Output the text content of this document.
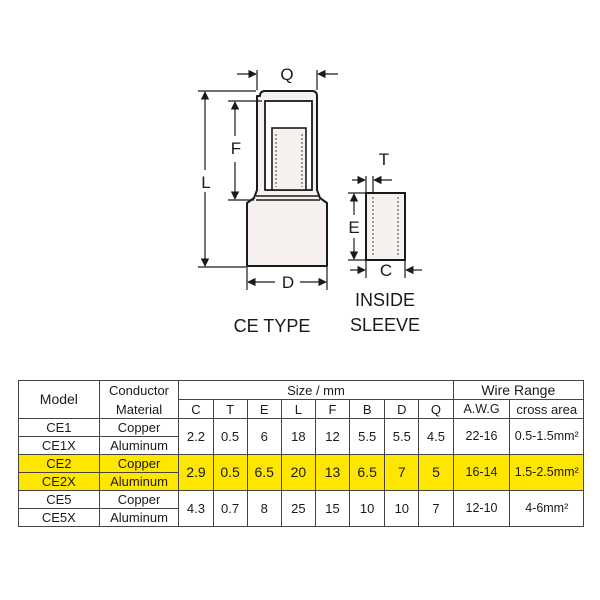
Q
F
L
D
CE TYPE
T
E
C
INSIDE
SLEEVE
Model	Conductor	Size / mm								Wire Range	
	Material	C	T	E	L	F	B	D	Q	A.W.G	cross area
CE1	Copper	2.2	0.5	6	18	12	5.5	5.5	4.5	22-16	0.5-1.5mm²
CE1X	Aluminum										
CE2	Copper	2.9	0.5	6.5	20	13	6.5	7	5	16-14	1.5-2.5mm²
CE2X	Aluminum										
CE5	Copper	4.3	0.7	8	25	15	10	10	7	12-10	4-6mm²
CE5X	Aluminum										
